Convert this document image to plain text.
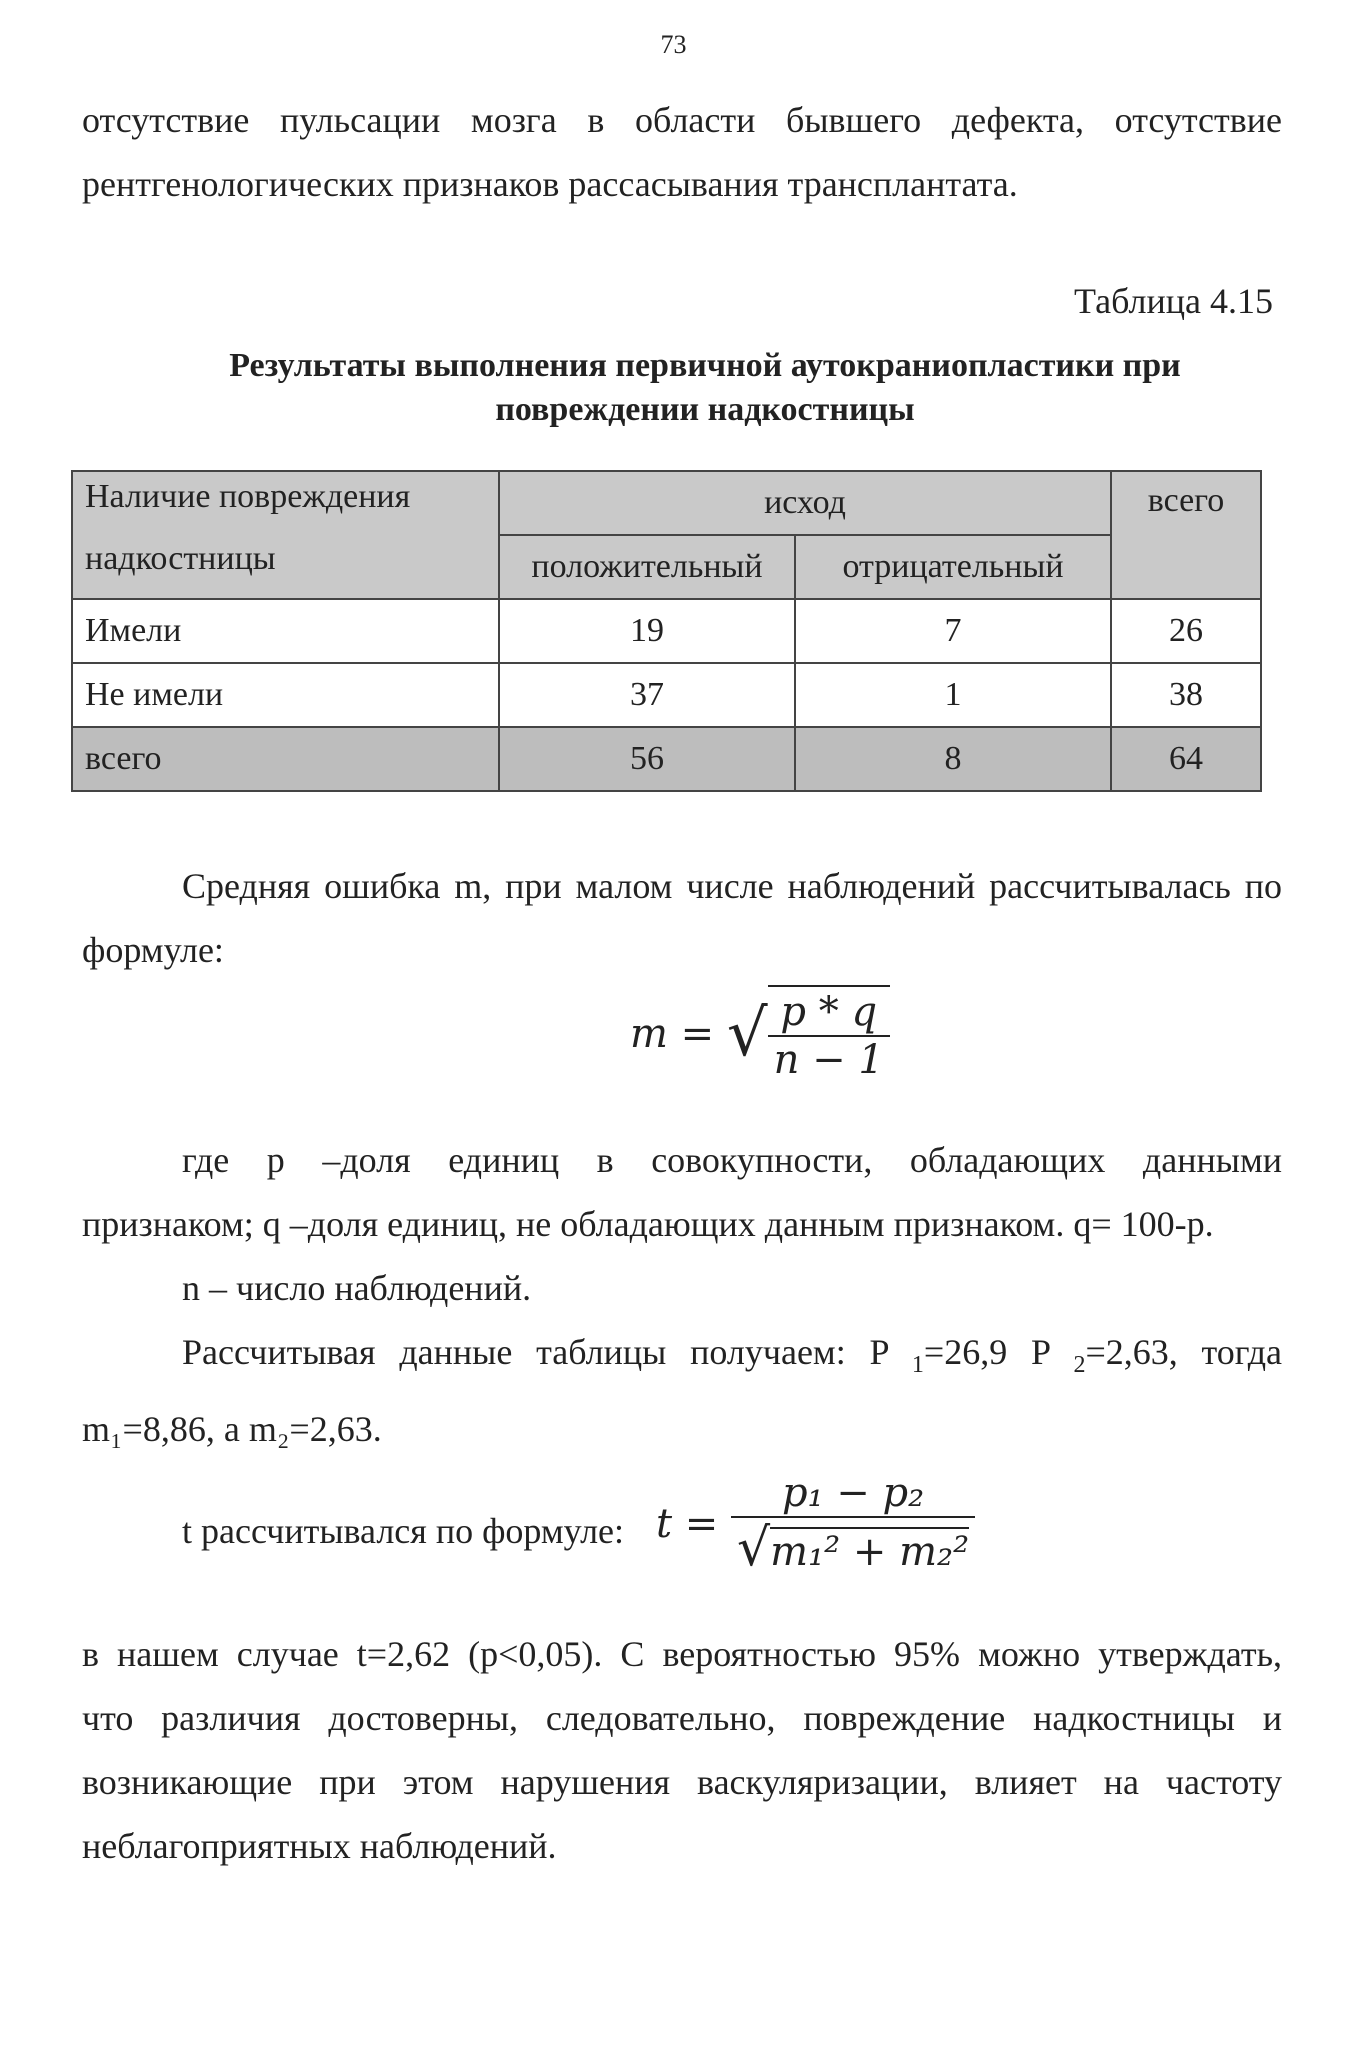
73
отсутствие пульсации мозга в области бывшего дефекта, отсутствие
рентгенологических признаков рассасывания трансплантата.
Таблица 4.15
Результаты выполнения первичной аутокраниопластики при
повреждении надкостницы
Наличие повреждения
надкостницы	исход		всего
	положительный	отрицательный	
Имели	19	7	26
Не имели	37	1	38
всего	56	8	64
Средняя ошибка m, при малом числе наблюдений рассчитывалась по
формуле:
m = √ $\frac{p * q}{n - 1}$
где p –доля единиц в совокупности, обладающих данными
признаком; q –доля единиц, не обладающих данным признаком. q= 100-p.
n – число наблюдений.
Рассчитывая данные таблицы получаем: P $_1$=26,9 P $_2$=2,63, тогда
m₁=8,86, а m₂=2,63.
t рассчитывался по формуле: $t = \frac{\text{p₁ − p₂}}{\text{√m₁² + m₂²}}$
в нашем случае t=2,62 (p<0,05). С вероятностью 95% можно утверждать,
что различия достоверны, следовательно, повреждение надкостницы и
возникающие при этом нарушения васкуляризации, влияет на частоту
неблагоприятных наблюдений.
